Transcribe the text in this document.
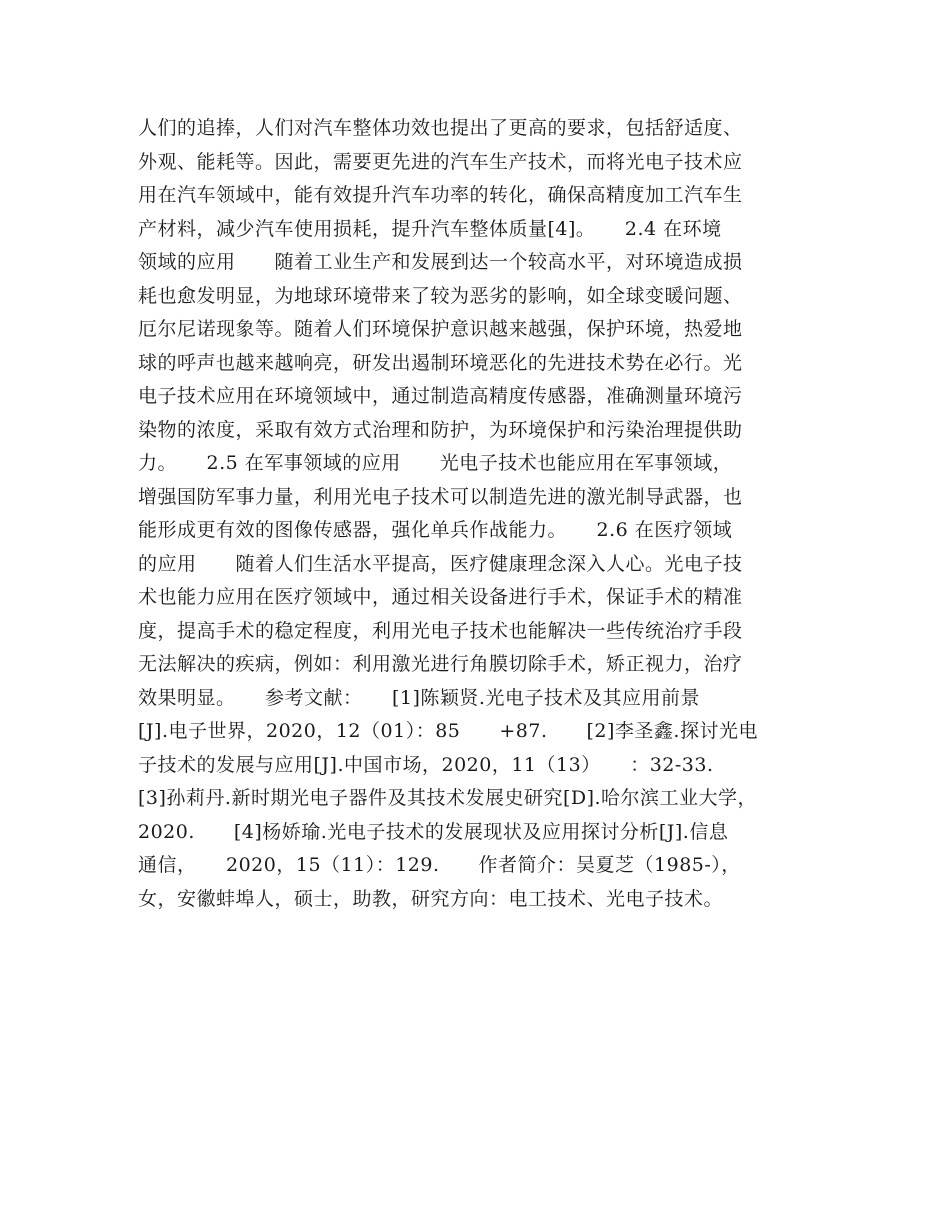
人们的追捧，人们对汽车整体功效也提出了更高的要求，包括舒适度、
外观、能耗等。因此，需要更先进的汽车生产技术，而将光电子技术应
用在汽车领域中，能有效提升汽车功率的转化，确保高精度加工汽车生
产材料，减少汽车使用损耗，提升汽车整体质量[4]。　　2.4 在环境
领域的应用　　随着工业生产和发展到达一个较高水平，对环境造成损
耗也愈发明显，为地球环境带来了较为恶劣的影响，如全球变暖问题、
厄尔尼诺现象等。随着人们环境保护意识越来越强，保护环境，热爱地
球的呼声也越来越响亮，研发出遏制环境恶化的先进技术势在必行。光
电子技术应用在环境领域中，通过制造高精度传感器，准确测量环境污
染物的浓度，采取有效方式治理和防护，为环境保护和污染治理提供助
力。　　2.5 在军事领域的应用　　光电子技术也能应用在军事领域，
增强国防军事力量，利用光电子技术可以制造先进的激光制导武器，也
能形成更有效的图像传感器，强化单兵作战能力。　　2.6 在医疗领域
的应用　　随着人们生活水平提高，医疗健康理念深入人心。光电子技
术也能力应用在医疗领域中，通过相关设备进行手术，保证手术的精准
度，提高手术的稳定程度，利用光电子技术也能解决一些传统治疗手段
无法解决的疾病，例如：利用激光进行角膜切除手术，矫正视力，治疗
效果明显。　　参考文献：　　[1]陈颖贤.光电子技术及其应用前景
[J].电子世界，2020，12（01）：85　　+87.　　[2]李圣鑫.探讨光电
子技术的发展与应用[J].中国市场，2020，11（13）　　：32-33.
[3]孙莉丹.新时期光电子器件及其技术发展史研究[D].哈尔滨工业大学，
2020.　　[4]杨娇瑜.光电子技术的发展现状及应用探讨分析[J].信息
通信，　　2020，15（11）：129.　　作者简介：吴夏芝（1985-），
女，安徽蚌埠人，硕士，助教，研究方向：电工技术、光电子技术。
